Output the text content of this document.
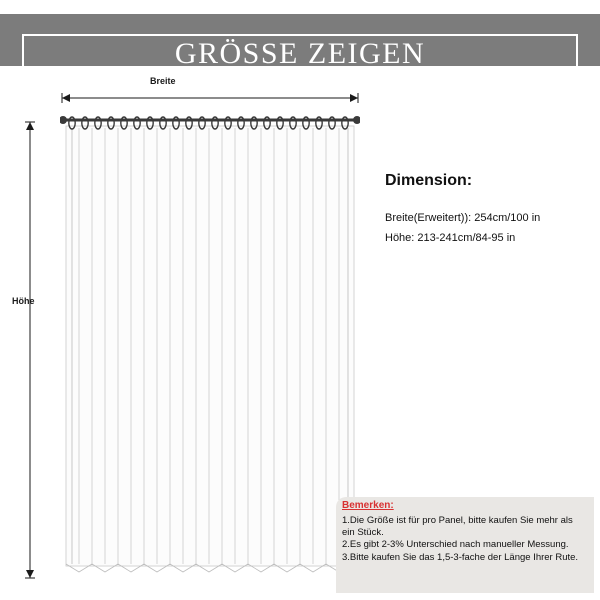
GRÖSSE ZEIGEN
Breite
Höhe

Dimension:

Breite(Erweitert)): 254cm/100 in

Höhe: 213-241cm/84-95 in

Bemerken:
1.Die Größe ist für pro Panel, bitte kaufen Sie mehr als ein Stück.
2.Es gibt 2-3% Unterschied nach manueller Messung.
3.Bitte kaufen Sie das 1,5-3-fache der Länge Ihrer Rute.
